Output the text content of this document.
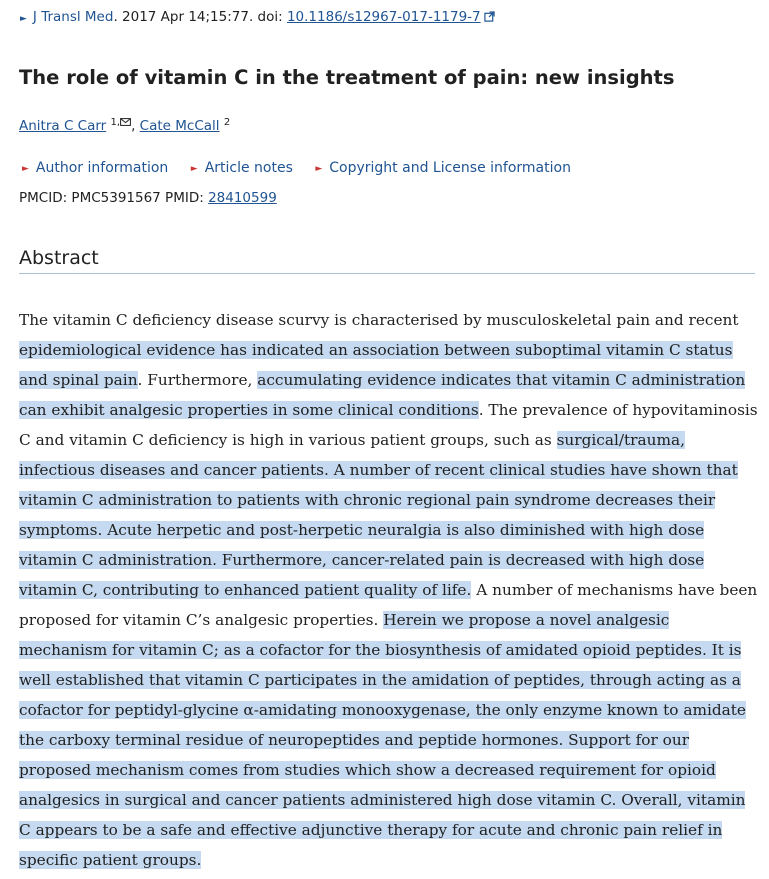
► J Transl Med. 2017 Apr 14;15:77. doi: 10.1186/s12967-017-1179-7
The role of vitamin C in the treatment of pain: new insights
Anitra C Carr $^{1,}$ , Cate McCall $^2$
► Author information ► Article notes ► Copyright and License information
PMCID: PMC5391567 PMID: 28410599
Abstract

The vitamin C deficiency disease scurvy is characterised by musculoskeletal pain and recent epidemiological evidence has indicated an association between suboptimal vitamin C status and spinal pain. Furthermore, accumulating evidence indicates that vitamin C administration can exhibit analgesic properties in some clinical conditions. The prevalence of hypovitaminosis C and vitamin C deficiency is high in various patient groups, such as surgical/trauma, infectious diseases and cancer patients. A number of recent clinical studies have shown that vitamin C administration to patients with chronic regional pain syndrome decreases their symptoms. Acute herpetic and post-herpetic neuralgia is also diminished with high dose vitamin C administration. Furthermore, cancer-related pain is decreased with high dose vitamin C, contributing to enhanced patient quality of life. A number of mechanisms have been proposed for vitamin C’s analgesic properties. Herein we propose a novel analgesic mechanism for vitamin C; as a cofactor for the biosynthesis of amidated opioid peptides. It is well established that vitamin C participates in the amidation of peptides, through acting as a cofactor for peptidyl-glycine α-amidating monooxygenase, the only enzyme known to amidate the carboxy terminal residue of neuropeptides and peptide hormones. Support for our proposed mechanism comes from studies which show a decreased requirement for opioid analgesics in surgical and cancer patients administered high dose vitamin C. Overall, vitamin C appears to be a safe and effective adjunctive therapy for acute and chronic pain relief in specific patient groups.
